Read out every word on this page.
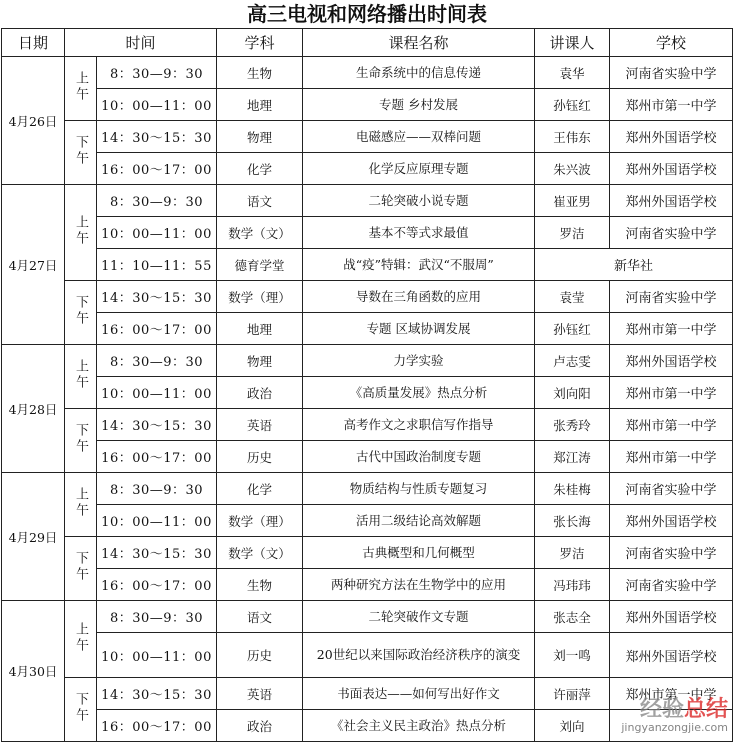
高三电视和网络播出时间表
日期	时间		学科	课程名称	讲课人	学校
4月26日	上午	8：30—9：30	生物	生命系统中的信息传递	袁华	河南省实验中学
		10：00—11：00	地理	专题 乡村发展	孙钰红	郑州市第一中学
	下午	14：30～15：30	物理	电磁感应——双棒问题	王伟东	郑州外国语学校
		16：00～17：00	化学	化学反应原理专题	朱兴波	郑州外国语学校
4月27日	上午	8：30—9：30	语文	二轮突破小说专题	崔亚男	郑州外国语学校
		10：00—11：00	数学（文）	基本不等式求最值	罗洁	河南省实验中学
		11：10—11：55	德育学堂	战“疫”特辑：武汉“不服周”	新华社	
	下午	14：30～15：30	数学（理）	导数在三角函数的应用	袁莹	河南省实验中学
		16：00～17：00	地理	专题 区域协调发展	孙钰红	郑州市第一中学
4月28日	上午	8：30—9：30	物理	力学实验	卢志雯	郑州外国语学校
		10：00—11：00	政治	《高质量发展》热点分析	刘向阳	郑州市第一中学
	下午	14：30～15：30	英语	高考作文之求职信写作指导	张秀玲	郑州市第一中学
		16：00～17：00	历史	古代中国政治制度专题	郑江涛	郑州市第一中学
4月29日	上午	8：30—9：30	化学	物质结构与性质专题复习	朱桂梅	河南省实验中学
		10：00—11：00	数学（理）	活用二级结论高效解题	张长海	郑州外国语学校
	下午	14：30～15：30	数学（文）	古典概型和几何概型	罗洁	河南省实验中学
		16：00～17：00	生物	两种研究方法在生物学中的应用	冯玮玮	河南省实验中学
4月30日	上午	8：30—9：30	语文	二轮突破作文专题	张志全	郑州外国语学校
		10：00—11：00	历史	20世纪以来国际政治经济秩序的演变	刘一鸣	郑州外国语学校
	下午	14：30～15：30	英语	书面表达——如何写出好作文	许丽萍	郑州市第一中学
		16：00～17：00	政治	《社会主义民主政治》热点分析	刘向	
经验总结
jingyanzongjie.com
